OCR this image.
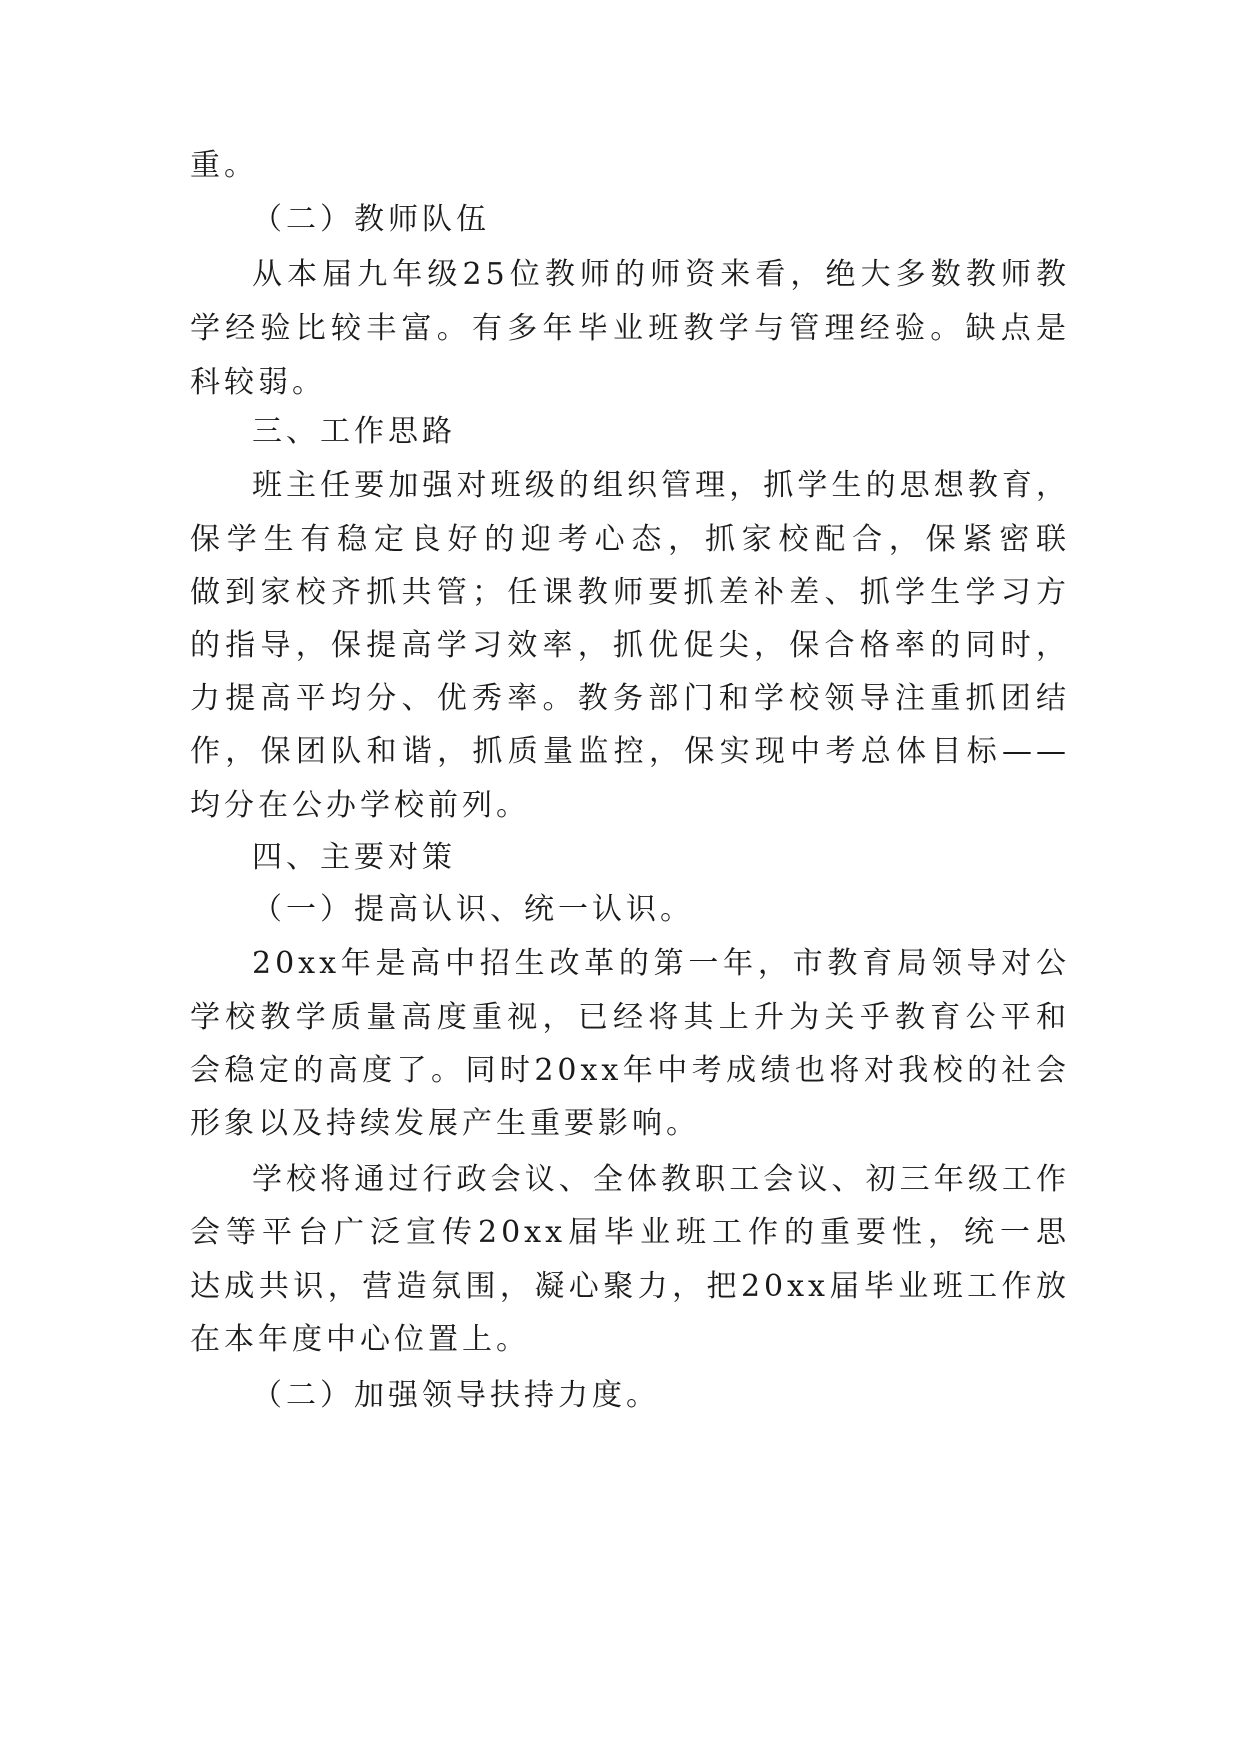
重。
（二）教师队伍
从本届九年级25位教师的师资来看，绝大多数教师教
学经验比较丰富。有多年毕业班教学与管理经验。缺点是
科较弱。
三、工作思路
班主任要加强对班级的组织管理，抓学生的思想教育，
保学生有稳定良好的迎考心态，抓家校配合，保紧密联
做到家校齐抓共管；任课教师要抓差补差、抓学生学习方
的指导，保提高学习效率，抓优促尖，保合格率的同时，
力提高平均分、优秀率。教务部门和学校领导注重抓团结
作，保团队和谐，抓质量监控，保实现中考总体目标——
均分在公办学校前列。
四、主要对策
（一）提高认识、统一认识。
20xx年是高中招生改革的第一年，市教育局领导对公
学校教学质量高度重视，已经将其上升为关乎教育公平和
会稳定的高度了。同时20xx年中考成绩也将对我校的社会
形象以及持续发展产生重要影响。
学校将通过行政会议、全体教职工会议、初三年级工作
会等平台广泛宣传20xx届毕业班工作的重要性，统一思
达成共识，营造氛围，凝心聚力，把20xx届毕业班工作放
在本年度中心位置上。
（二）加强领导扶持力度。
